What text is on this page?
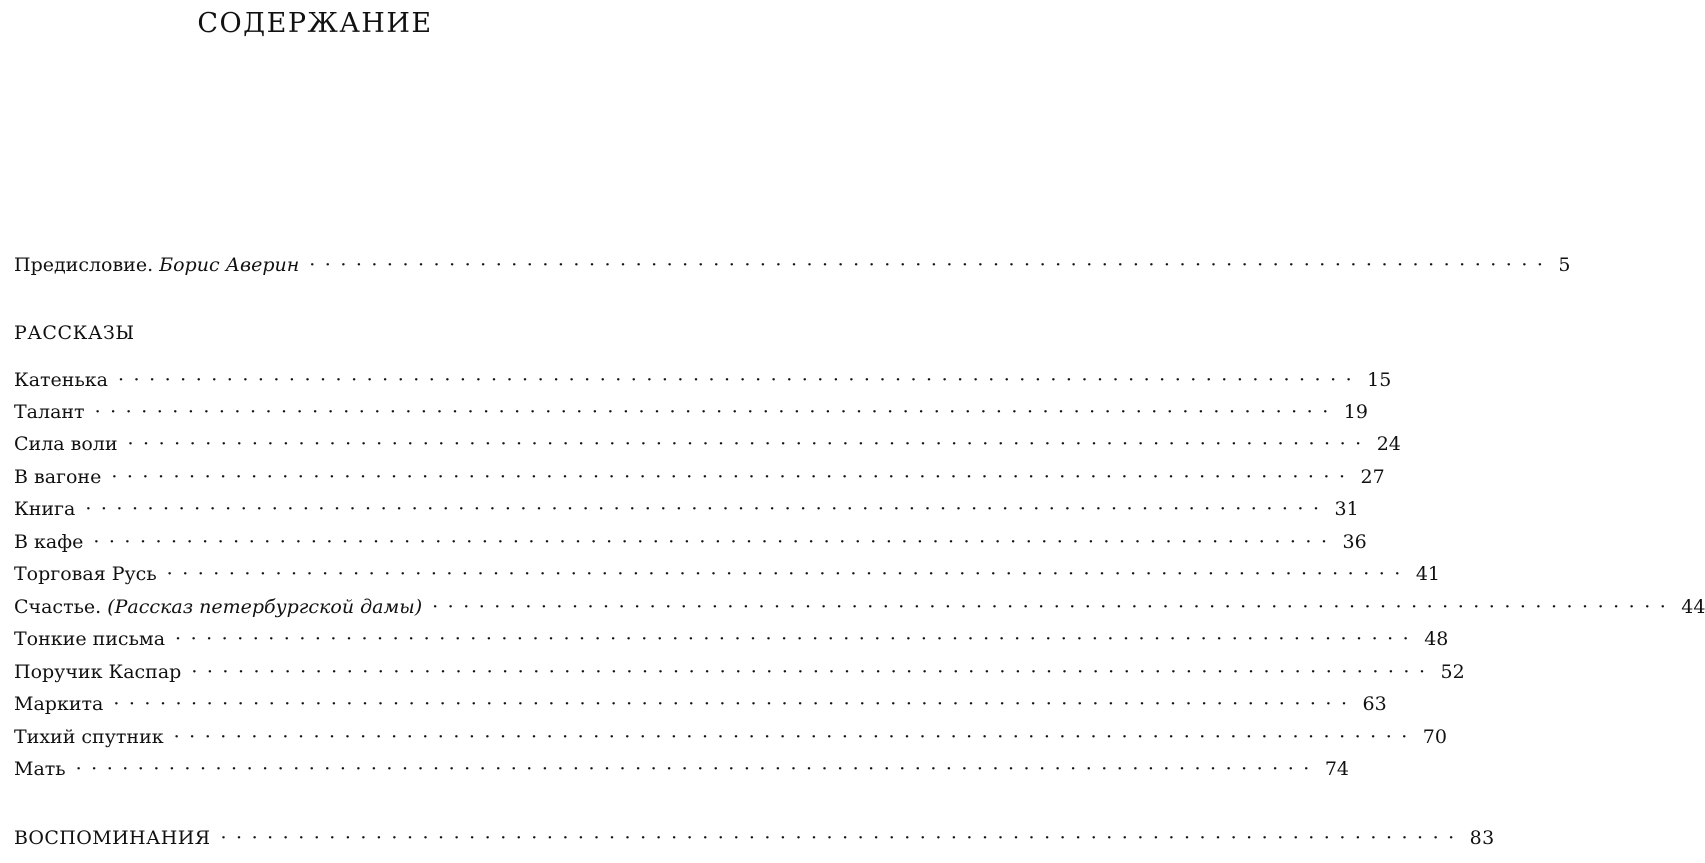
СОДЕРЖАНИЕ
Предисловие. Борис Аверин ················································································ 5
РАССКАЗЫ
Катенька ················································································ 15
Талант ················································································ 19
Сила воли ················································································ 24
В вагоне ················································································ 27
Книга ················································································ 31
В кафе ················································································ 36
Торговая Русь ················································································ 41
Счастье. (Рассказ петербургской дамы) ················································································ 44
Тонкие письма ················································································ 48
Поручик Каспар ················································································ 52
Маркита ················································································ 63
Тихий спутник ················································································ 70
Мать ················································································ 74
ВОСПОМИНАНИЯ ················································································ 83
